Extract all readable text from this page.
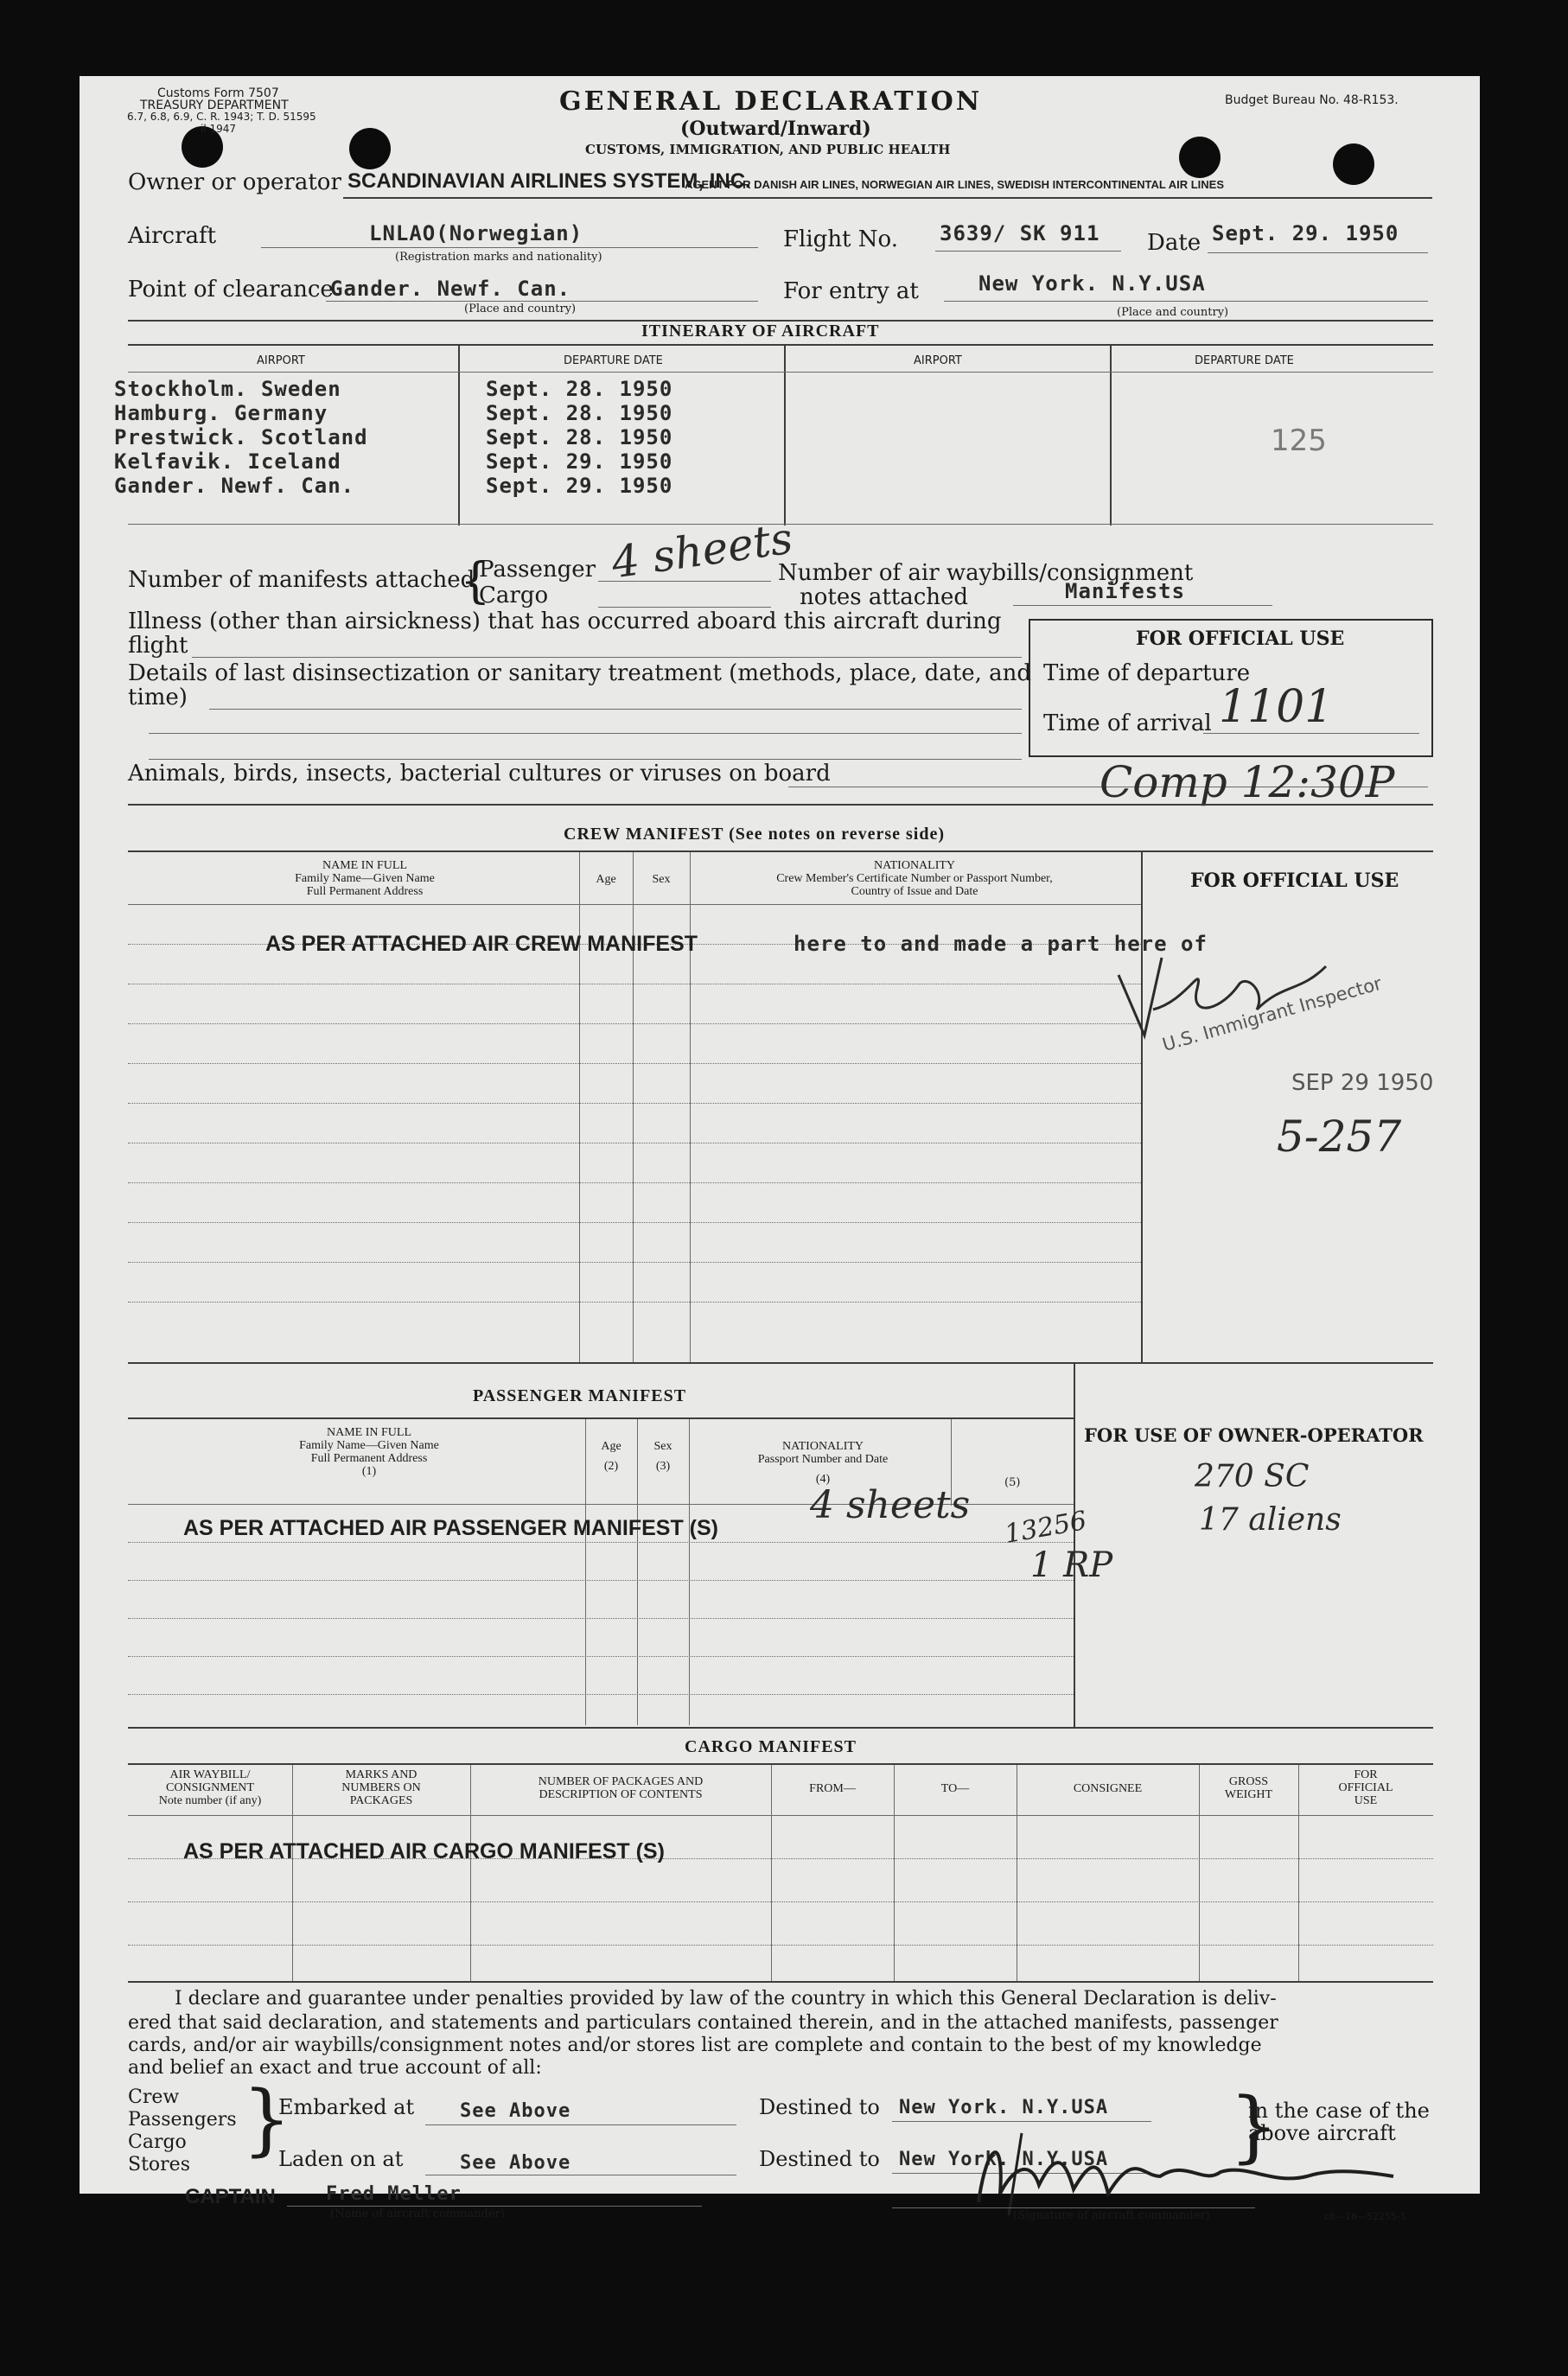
Customs Form 7507
TREASURY DEPARTMENT
6.7, 6.8, 6.9, C. R. 1943; T. D. 51595
il 1947
GENERAL DECLARATION
(Outward/Inward)
CUSTOMS, IMMIGRATION, AND PUBLIC HEALTH
Budget Bureau No. 48-R153.
Owner or operator SCANDINAVIAN AIRLINES SYSTEM, INC.
AGENT FOR DANISH AIR LINES, NORWEGIAN AIR LINES, SWEDISH INTERCONTINENTAL AIR LINES
Aircraft	LNLAO(Norwegian)
(Registration marks and nationality)
Flight No. 3639/ SK 911 Date Sept. 29. 1950
Point of clearance
Gander. Newf. Can.
(Place and country)
For entry at	New York. N.Y.USA
(Place and country)
ITINERARY OF AIRCRAFT
AIRPORT	DEPARTURE DATE	AIRPORT	DEPARTURE DATE
Stockholm. Sweden	Sept. 28. 1950
Hamburg. Germany	Sept. 28. 1950
Prestwick. Scotland	Sept. 28. 1950
Kelfavik. Iceland	Sept. 29. 1950
Gander. Newf. Can.	Sept. 29. 1950
125
Number of manifests attached
{
Passenger
Cargo
4 sheets
Number of air waybills/consignment
notes attached	Manifests
Illness (other than airsickness) that has occurred aboard this aircraft during
flight
Details of last disinsectization or sanitary treatment (methods, place, date, and
time)
Animals, birds, insects, bacterial cultures or viruses on board
FOR OFFICIAL USE
Time of departure
Time of arrival 1101
Comp 12:30P
CREW MANIFEST (See notes on reverse side)
NAME IN FULL
Family Name—Given Name
Full Permanent Address
Age	Sex
NATIONALITY
Crew Member's Certificate Number or Passport Number,
Country of Issue and Date	FOR OFFICIAL USE
AS PER ATTACHED AIR CREW MANIFEST	here to and made a part here of
U.S. Immigrant Inspector
SEP 29 1950
5-257
PASSENGER MANIFEST
NAME IN FULL
Family Name—Given Name
Full Permanent Address
(1)
Age
(2)
Sex
(3)
NATIONALITY
Passport Number and Date
(4)	(5)
FOR USE OF OWNER-OPERATOR
AS PER ATTACHED AIR PASSENGER MANIFEST (S)
4 sheets
13256
1 RP
270 SC
17 aliens
CARGO MANIFEST
AIR WAYBILL/
CONSIGNMENT
Note number (if any)
MARKS AND
NUMBERS ON
PACKAGES
NUMBER OF PACKAGES AND
DESCRIPTION OF CONTENTS	FROM—	TO—	CONSIGNEE
GROSS
WEIGHT
FOR
OFFICIAL
USE
AS PER ATTACHED AIR CARGO MANIFEST (S)
I declare and guarantee under penalties provided by law of the country in which this General Declaration is deliv-
ered that said declaration, and statements and particulars contained therein, and in the attached manifests, passenger
cards, and/or air waybills/consignment notes and/or stores list are complete and contain to the best of my knowledge
and belief an exact and true account of all:
Crew
Passengers
Cargo
Stores }
Embarked at See Above
Laden on at	See Above
Destined to New York. N.Y.USA
Destined to New York. N.Y.USA }
in the case of the
above aircraft
CAPTAIN	Fred Meller
(Name of aircraft commander)	(Signature of aircraft commander)	c6—16—52255-1
